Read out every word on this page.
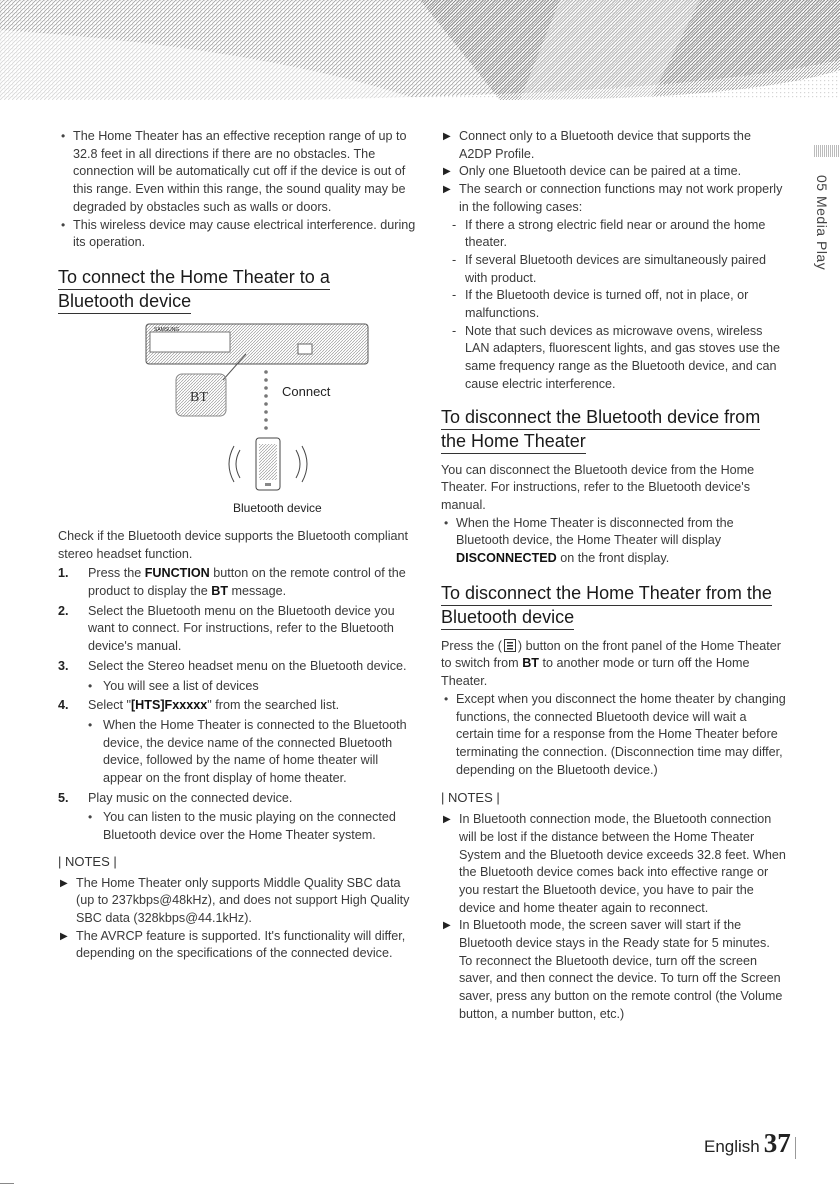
05 Media Play

• The Home Theater has an effective reception range of up to 32.8 feet in all directions if there are no obstacles. The connection will be automatically cut off if the device is out of this range. Even within this range, the sound quality may be degraded by obstacles such as walls or doors.

• This wireless device may cause electrical interference. during its operation.

To connect the Home Theater to a
Bluetooth device
SAMSUNG
BT	Connect
Bluetooth device

Check if the Bluetooth device supports the Bluetooth compliant stereo headset function.

1. Press the FUNCTION button on the remote control of the product to display the BT message.

2. Select the Bluetooth menu on the Bluetooth device you want to connect. For instructions, refer to the Bluetooth device's manual.

3. Select the Stereo headset menu on the Bluetooth device.

• You will see a list of devices

4. Select "[HTS]Fxxxxx" from the searched list.

• When the Home Theater is connected to the Bluetooth device, the device name of the connected Bluetooth device, followed by the name of home theater will appear on the front display of home theater.

5. Play music on the connected device.

• You can listen to the music playing on the connected Bluetooth device over the Home Theater system.

| NOTES |

▶ The Home Theater only supports Middle Quality SBC data (up to 237kbps@48kHz), and does not support High Quality SBC data (328kbps@44.1kHz).

▶ The AVRCP feature is supported. It's functionality will differ, depending on the specifications of the connected device.

▶ Connect only to a Bluetooth device that supports the A2DP Profile.

▶ Only one Bluetooth device can be paired at a time.

▶ The search or connection functions may not work properly in the following cases:

- If there a strong electric field near or around the home theater.

- If several Bluetooth devices are simultaneously paired with product.

- If the Bluetooth device is turned off, not in place, or malfunctions.

- Note that such devices as microwave ovens, wireless LAN adapters, fluorescent lights, and gas stoves use the same frequency range as the Bluetooth device, and can cause electric interference.

To disconnect the Bluetooth device from
the Home Theater

You can disconnect the Bluetooth device from the Home Theater. For instructions, refer to the Bluetooth device's manual.

• When the Home Theater is disconnected from the Bluetooth device, the Home Theater will display DISCONNECTED on the front display.

To disconnect the Home Theater from the
Bluetooth device

Press the ( ) button on the front panel of the Home Theater to switch from BT to another mode or turn off the Home Theater.

• Except when you disconnect the home theater by changing functions, the connected Bluetooth device will wait a certain time for a response from the Home Theater before terminating the connection. (Disconnection time may differ, depending on the Bluetooth device.)

| NOTES |

▶ In Bluetooth connection mode, the Bluetooth connection will be lost if the distance between the Home Theater System and the Bluetooth device exceeds 32.8 feet. When the Bluetooth device comes back into effective range or you restart the Bluetooth device, you have to pair the device and home theater again to reconnect.

▶ In Bluetooth mode, the screen saver will start if the Bluetooth device stays in the Ready state for 5 minutes. To reconnect the Bluetooth device, turn off the screen saver, and then connect the device. To turn off the Screen saver, press any button on the remote control (the Volume button, a number button, etc.)

English 37
